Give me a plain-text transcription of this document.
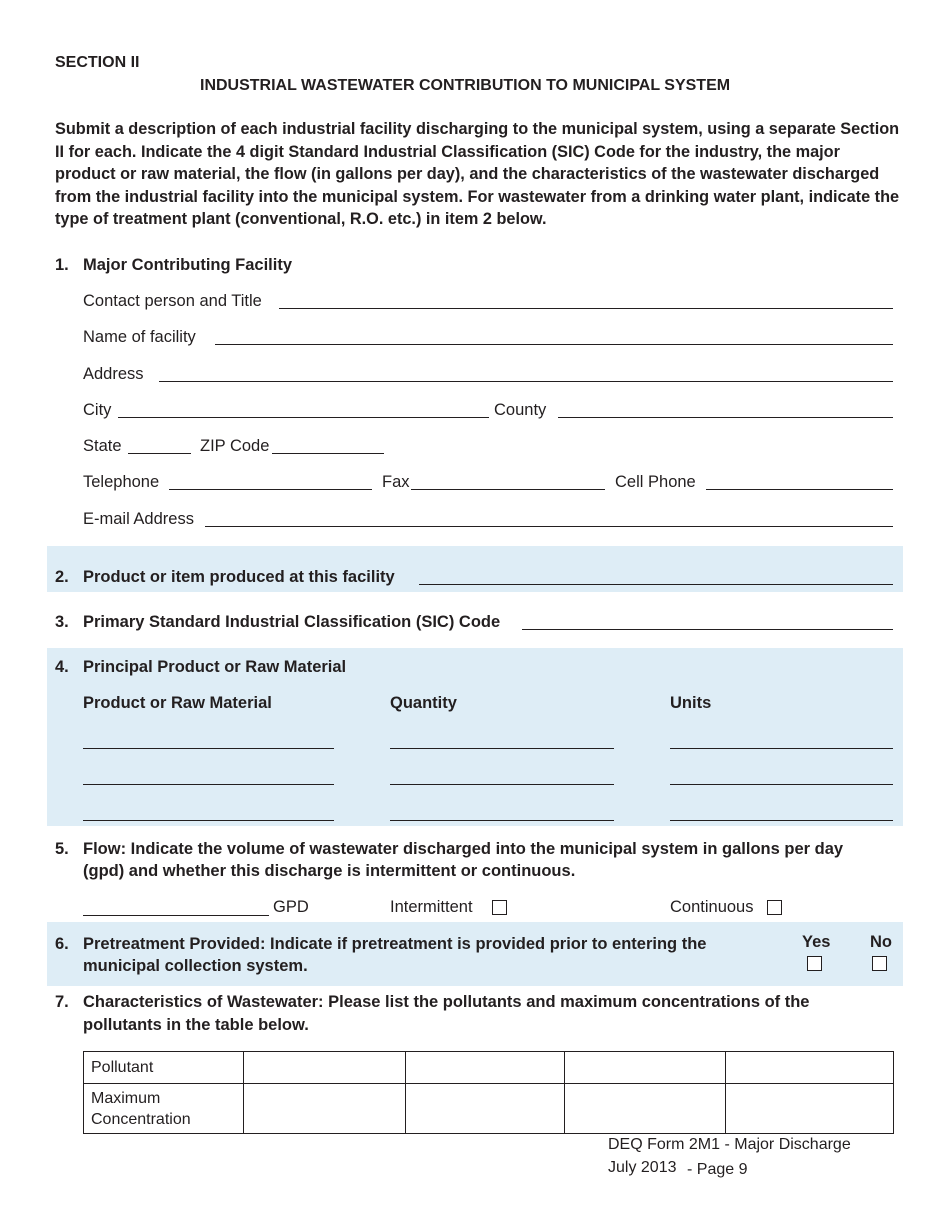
SECTION II
INDUSTRIAL WASTEWATER CONTRIBUTION TO MUNICIPAL SYSTEM
Submit a description of each industrial facility discharging to the municipal system, using a separate Section II for each. Indicate the 4 digit Standard Industrial Classification (SIC) Code for the industry, the major product or raw material, the flow (in gallons per day), and the characteristics of the wastewater discharged from the industrial facility into the municipal system. For wastewater from a drinking water plant, indicate the type of treatment plant (conventional, R.O. etc.) in item 2 below.
1. Major Contributing Facility
Contact person and Title
Name of facility
Address
City	County
State	ZIP Code
Telephone	Fax	Cell Phone
E-mail Address
2. Product or item produced at this facility
3. Primary Standard Industrial Classification (SIC) Code
4. Principal Product or Raw Material
Product or Raw Material	Quantity	Units
5. Flow: Indicate the volume of wastewater discharged into the municipal system in gallons per day
(gpd) and whether this discharge is intermittent or continuous.
GPD	Intermittent	Continuous
6. Pretreatment Provided: Indicate if pretreatment is provided prior to entering the
municipal collection system.
Yes No
7. Characteristics of Wastewater: Please list the pollutants and maximum concentrations of the
pollutants in the table below.
Pollutant				

Maximum
Concentration				

DEQ Form 2M1 - Major Discharge
July 2013 - Page 9
